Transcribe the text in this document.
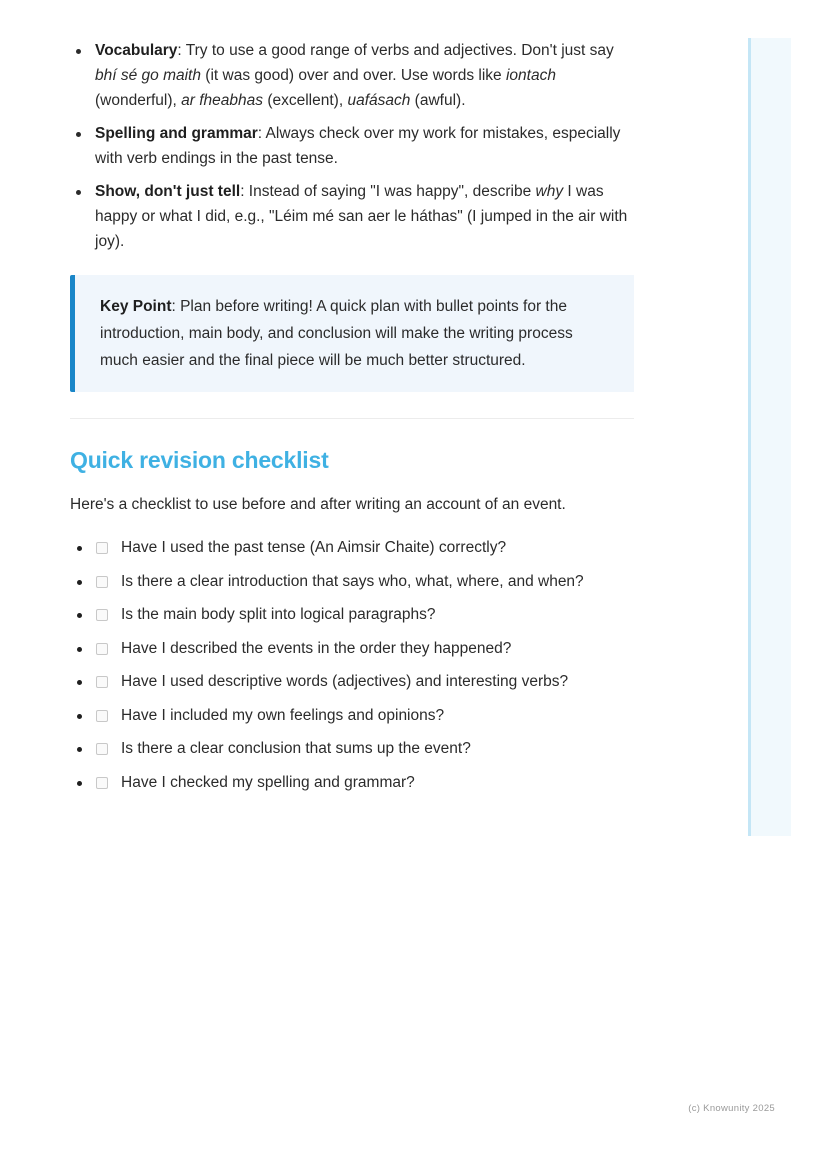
Vocabulary: Try to use a good range of verbs and adjectives. Don't just say bhí sé go maith (it was good) over and over. Use words like iontach (wonderful), ar fheabhas (excellent), uafásach (awful).
Spelling and grammar: Always check over my work for mistakes, especially with verb endings in the past tense.
Show, don't just tell: Instead of saying "I was happy", describe why I was happy or what I did, e.g., "Léim mé san aer le háthas" (I jumped in the air with joy).
Key Point: Plan before writing! A quick plan with bullet points for the introduction, main body, and conclusion will make the writing process much easier and the final piece will be much better structured.
Quick revision checklist

Here's a checklist to use before and after writing an account of an event.

Have I used the past tense (An Aimsir Chaite) correctly?
Is there a clear introduction that says who, what, where, and when?
Is the main body split into logical paragraphs?
Have I described the events in the order they happened?
Have I used descriptive words (adjectives) and interesting verbs?
Have I included my own feelings and opinions?
Is there a clear conclusion that sums up the event?
Have I checked my spelling and grammar?
(c) Knowunity 2025
